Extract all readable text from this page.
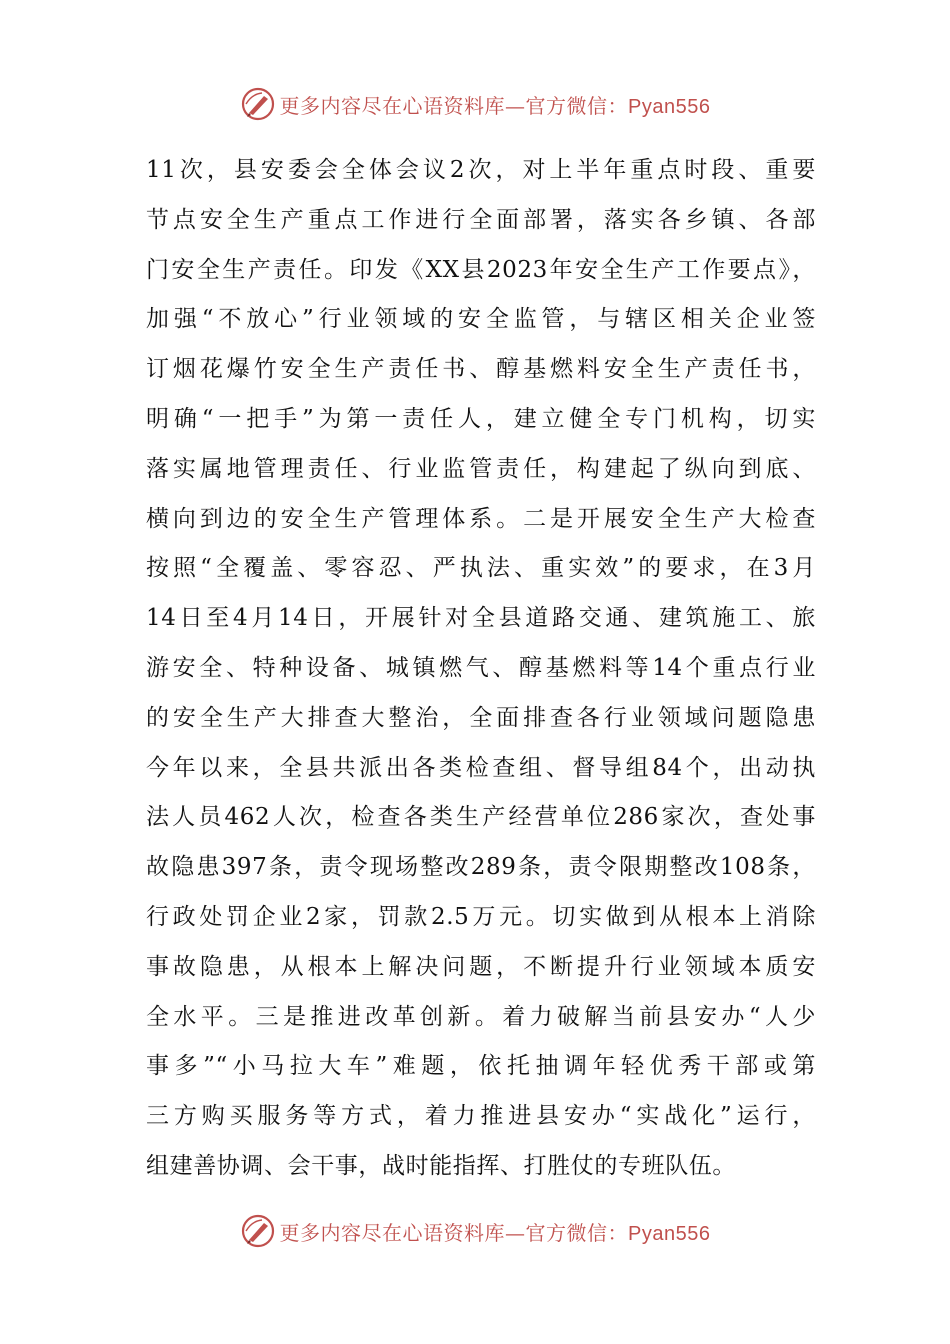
更多内容尽在心语资料库—官方微信：Pyan556
11次，县安委会全体会议2次，对上半年重点时段、重要
节点安全生产重点工作进行全面部署，落实各乡镇、各部
门安全生产责任。印发《XX县2023年安全生产工作要点》，
加强“不放心”行业领域的安全监管，与辖区相关企业签
订烟花爆竹安全生产责任书、醇基燃料安全生产责任书，
明确“一把手”为第一责任人，建立健全专门机构，切实
落实属地管理责任、行业监管责任，构建起了纵向到底、
横向到边的安全生产管理体系。二是开展安全生产大检查
按照“全覆盖、零容忍、严执法、重实效”的要求，在3月
14日至4月14日，开展针对全县道路交通、建筑施工、旅
游安全、特种设备、城镇燃气、醇基燃料等14个重点行业
的安全生产大排查大整治，全面排查各行业领域问题隐患
今年以来，全县共派出各类检查组、督导组84个，出动执
法人员462人次，检查各类生产经营单位286家次，查处事
故隐患397条，责令现场整改289条，责令限期整改108条，
行政处罚企业2家，罚款2.5万元。切实做到从根本上消除
事故隐患，从根本上解决问题，不断提升行业领域本质安
全水平。三是推进改革创新。着力破解当前县安办“人少
事多”“小马拉大车”难题，依托抽调年轻优秀干部或第
三方购买服务等方式，着力推进县安办“实战化”运行，
组建善协调、会干事，战时能指挥、打胜仗的专班队伍。
更多内容尽在心语资料库—官方微信：Pyan556
